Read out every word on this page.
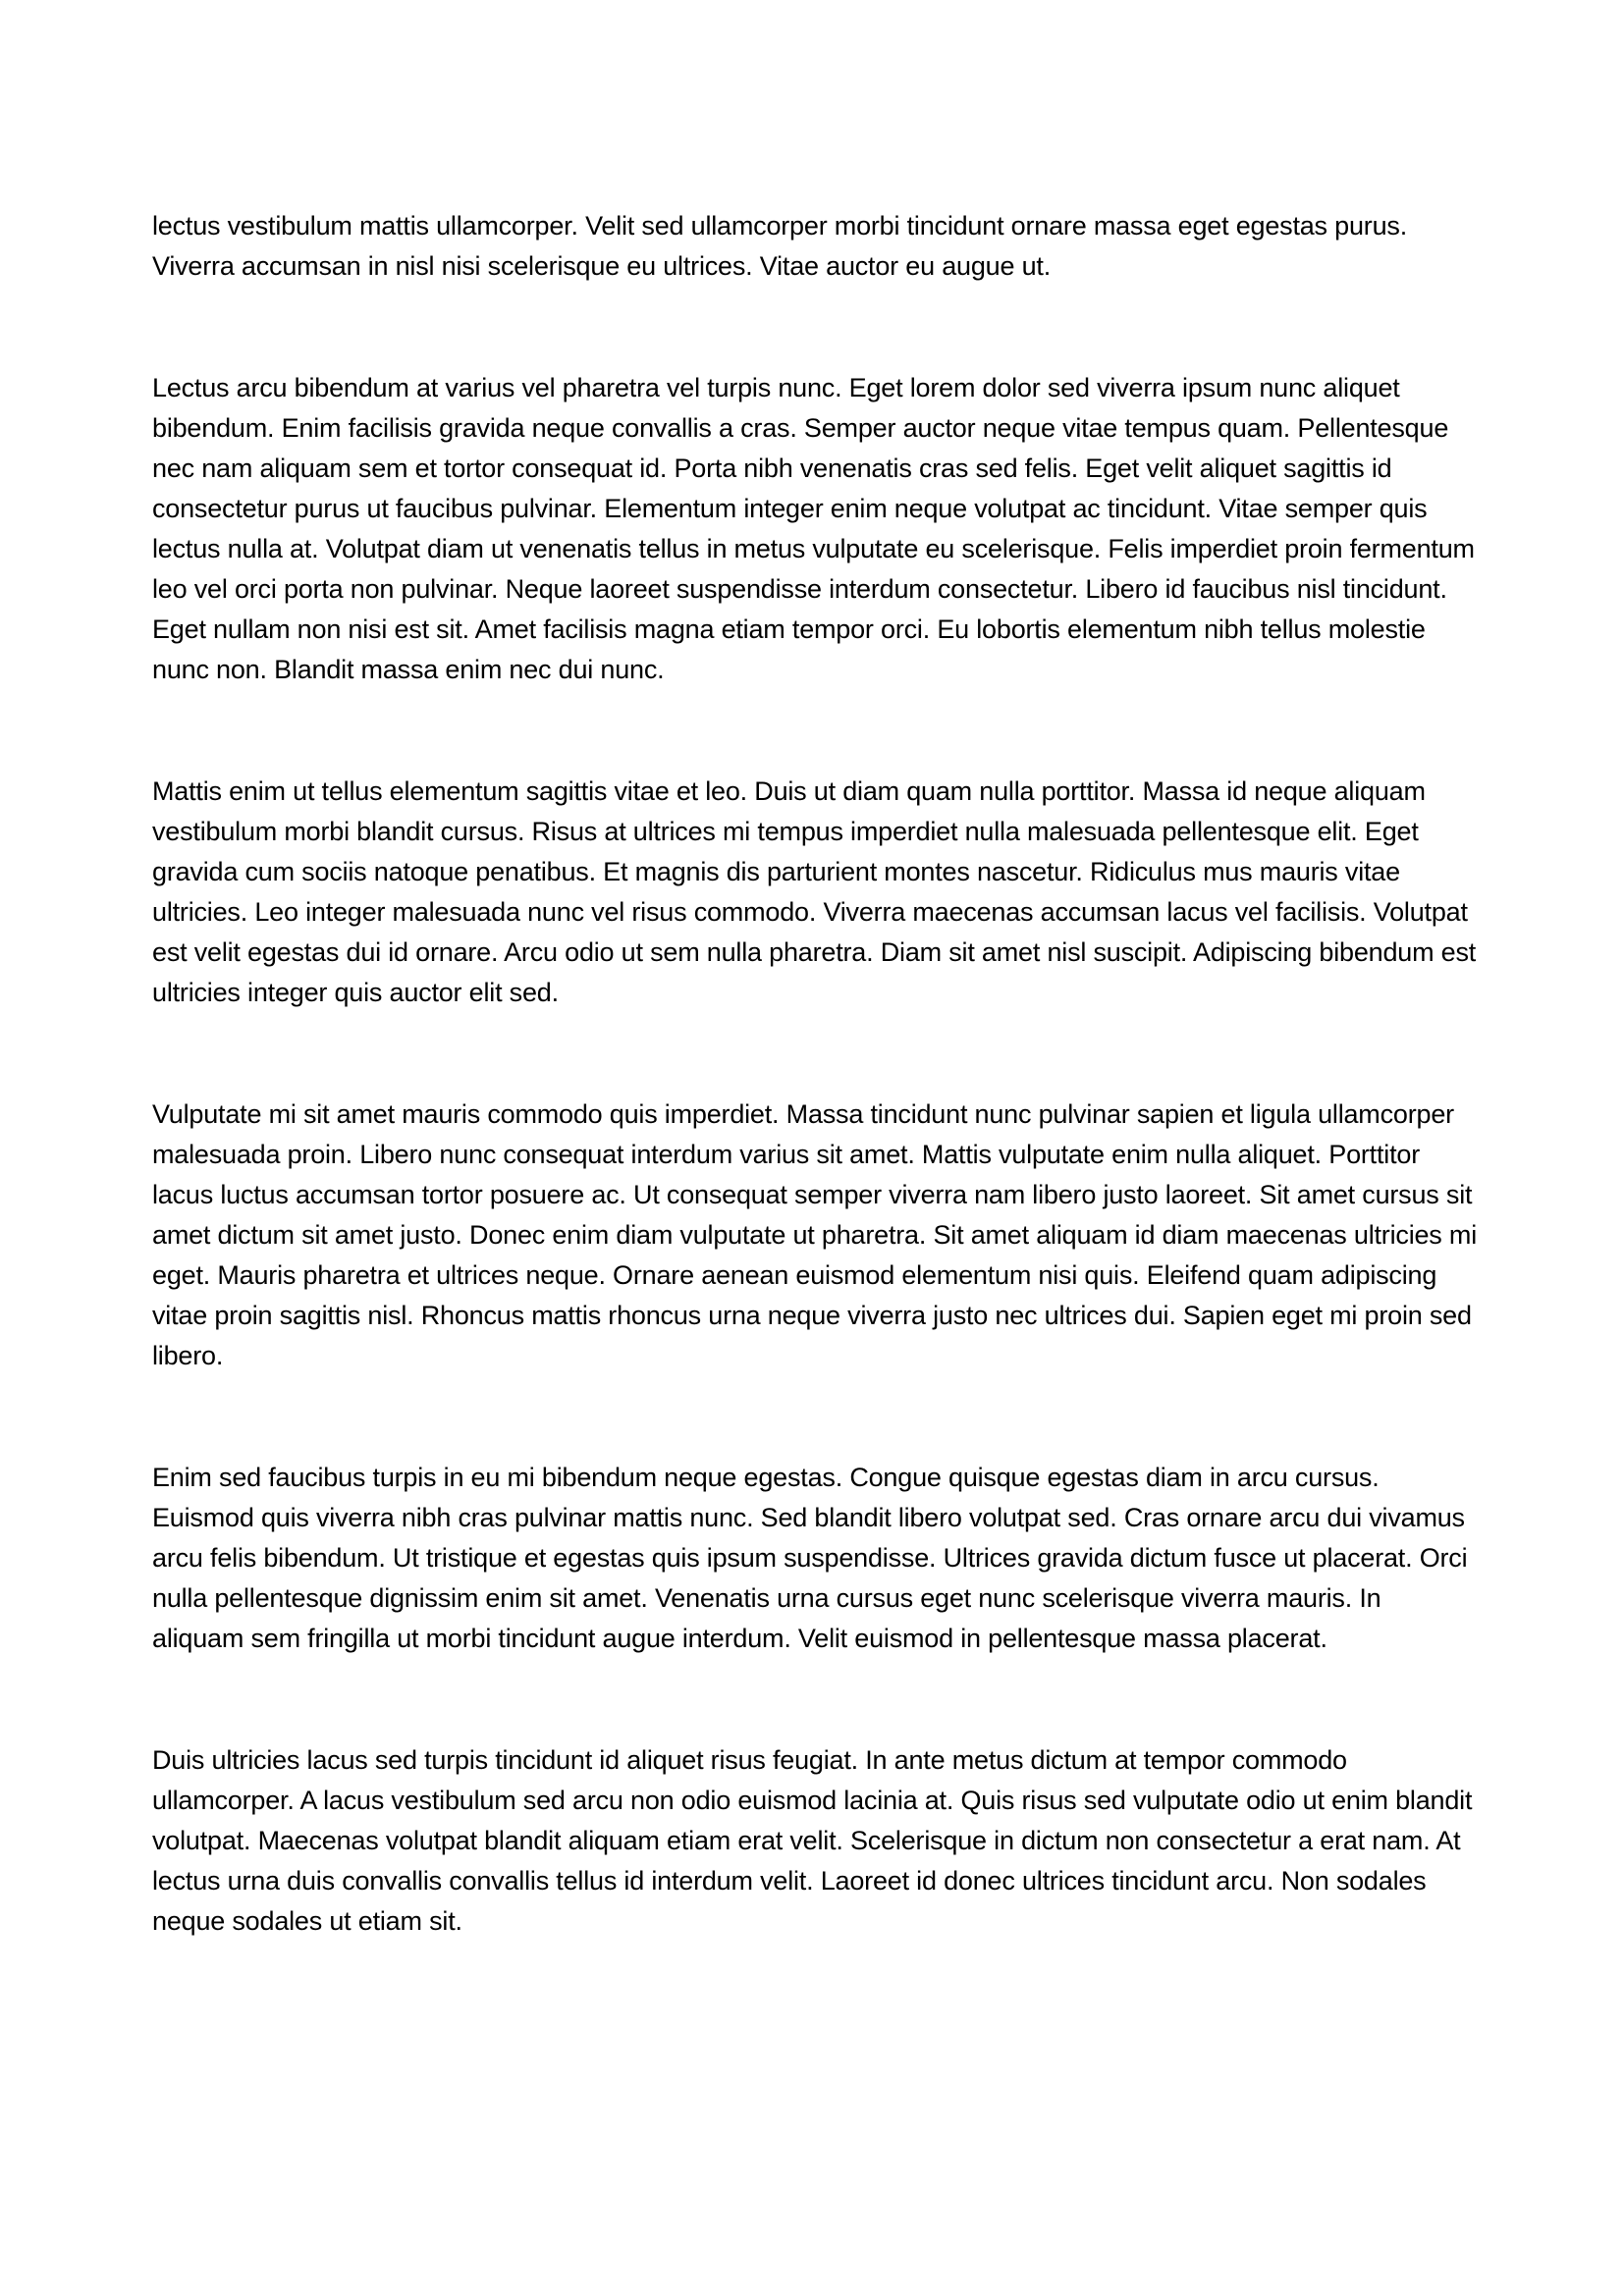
lectus vestibulum mattis ullamcorper. Velit sed ullamcorper morbi tincidunt ornare massa eget egestas purus. Viverra accumsan in nisl nisi scelerisque eu ultrices. Vitae auctor eu augue ut.

Lectus arcu bibendum at varius vel pharetra vel turpis nunc. Eget lorem dolor sed viverra ipsum nunc aliquet bibendum. Enim facilisis gravida neque convallis a cras. Semper auctor neque vitae tempus quam. Pellentesque nec nam aliquam sem et tortor consequat id. Porta nibh venenatis cras sed felis. Eget velit aliquet sagittis id consectetur purus ut faucibus pulvinar. Elementum integer enim neque volutpat ac tincidunt. Vitae semper quis lectus nulla at. Volutpat diam ut venenatis tellus in metus vulputate eu scelerisque. Felis imperdiet proin fermentum leo vel orci porta non pulvinar. Neque laoreet suspendisse interdum consectetur. Libero id faucibus nisl tincidunt. Eget nullam non nisi est sit. Amet facilisis magna etiam tempor orci. Eu lobortis elementum nibh tellus molestie nunc non. Blandit massa enim nec dui nunc.

Mattis enim ut tellus elementum sagittis vitae et leo. Duis ut diam quam nulla porttitor. Massa id neque aliquam vestibulum morbi blandit cursus. Risus at ultrices mi tempus imperdiet nulla malesuada pellentesque elit. Eget gravida cum sociis natoque penatibus. Et magnis dis parturient montes nascetur. Ridiculus mus mauris vitae ultricies. Leo integer malesuada nunc vel risus commodo. Viverra maecenas accumsan lacus vel facilisis. Volutpat est velit egestas dui id ornare. Arcu odio ut sem nulla pharetra. Diam sit amet nisl suscipit. Adipiscing bibendum est ultricies integer quis auctor elit sed.

Vulputate mi sit amet mauris commodo quis imperdiet. Massa tincidunt nunc pulvinar sapien et ligula ullamcorper malesuada proin. Libero nunc consequat interdum varius sit amet. Mattis vulputate enim nulla aliquet. Porttitor lacus luctus accumsan tortor posuere ac. Ut consequat semper viverra nam libero justo laoreet. Sit amet cursus sit amet dictum sit amet justo. Donec enim diam vulputate ut pharetra. Sit amet aliquam id diam maecenas ultricies mi eget. Mauris pharetra et ultrices neque. Ornare aenean euismod elementum nisi quis. Eleifend quam adipiscing vitae proin sagittis nisl. Rhoncus mattis rhoncus urna neque viverra justo nec ultrices dui. Sapien eget mi proin sed libero.

Enim sed faucibus turpis in eu mi bibendum neque egestas. Congue quisque egestas diam in arcu cursus. Euismod quis viverra nibh cras pulvinar mattis nunc. Sed blandit libero volutpat sed. Cras ornare arcu dui vivamus arcu felis bibendum. Ut tristique et egestas quis ipsum suspendisse. Ultrices gravida dictum fusce ut placerat. Orci nulla pellentesque dignissim enim sit amet. Venenatis urna cursus eget nunc scelerisque viverra mauris. In aliquam sem fringilla ut morbi tincidunt augue interdum. Velit euismod in pellentesque massa placerat.

Duis ultricies lacus sed turpis tincidunt id aliquet risus feugiat. In ante metus dictum at tempor commodo ullamcorper. A lacus vestibulum sed arcu non odio euismod lacinia at. Quis risus sed vulputate odio ut enim blandit volutpat. Maecenas volutpat blandit aliquam etiam erat velit. Scelerisque in dictum non consectetur a erat nam. At lectus urna duis convallis convallis tellus id interdum velit. Laoreet id donec ultrices tincidunt arcu. Non sodales neque sodales ut etiam sit.
